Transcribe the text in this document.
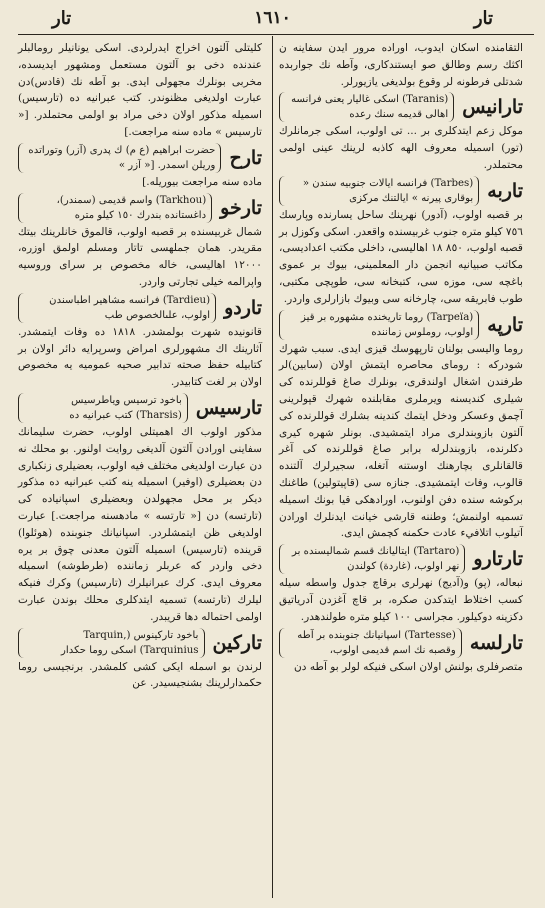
تار	١٦١٠	تار

التقامنده اسكان ايدوب، اوراده مرور ايدن سفاينه ن اكثك رسم وطالق صو ايستندكارى، وآطه نك جواربده شدتلى فرطونه لر وقوع بولديغى يازيورلر.

تارانيس
(Taranis) اسكى غاليار يعنى فرانسه اهالى قديمه سنك رعده

موكل زعم ايتدكلرى بر ... تى اولوب، اسكى جرمانلرك (تور) اسميله معروف الهه كاذبه لرينك عينى اولمى محتملدر.

تاربه
(Tarbes) فرانسه ايالات جنوبيه سندن « بوقارى پيرنه » ايالتنك مركزى

بر قصبه اولوب، (آدور) نهرينك ساحل يسارنده وپارسك ٧٥٦ كيلو متره جنوب غربيسنده واقعدر. اسكى وكوزل بر قصبه اولوب، ٨٥٠ ١٨ اهاليسى، داخلى مكتب اعداديسى، مكاتب صبيانيه انجمن دار المعلمينى، بيوك بر عموى باغچه سى، موزه سى، كتبخانه سى، طوپچى مكتبى، طوب فابريقه سى، چارخانه سى وبيوك بازارلرى واردر.

تارپه
(Tarpeïa) روما تاريخنده مشهوره بر قيز اولوب، روملوس زماننده

روما واليسى بولنان تارپهوسك قيزى ايدى. سبب شهرك شودركه : روماى محاصره ايتمش اولان (سابين)لر طرفندن اشغال اولندقرى، بونلرك صاغ قوللرنده كى شيلرى كنديسنه ويرملرى مقابلنده شهرك قپولرينى آچمق وعسكر ودخل ايتمك كندينه بشلرك قوللرنده كى آلتون بازوبندلرى مراد ايتمشيدى. بونلر شهره كيرى دكلرنده، بازوبندلرله برابر صاغ قوللرنده كى آغر قالقانلرى بچارهنك اوستنه آتغله، سجيرلرك آلتنده قالوب، وفات ايتمشيدى. جنازه سى (قاپيتولين) طاغنك بركوشه سنده دفن اولنوب، اورادهكى قيا بونك اسميله تسميه اولنمش؛ وطننه قارشى خيانت ايدنلرك اورادن آتيلوب اتلافيء عادت حكمنه كچمش ايدى.

تارتارو
(Tartaro) ايتاليانك قسم شماليسنده بر نهر اولوب، (غاردة) كولندن

نبعاله، (پو) و(آديج) نهرلرى برقاچ جدول واسطه سيله كسب اختلاط ايتدكدن صكره، بر قاچ آغزدن آدرياتيق دكزينه دوكيلور. مجراسى ١٠٠ كيلو متره طولندهدر.

تارلسه
(Tartesse) اسپانيانك جنوبنده بر آطه وقصبه نك اسم قديمى اولوب،

متصرفلرى بولنش اولان اسكى فنيكه لولر بو آطه دن

كليتلى آلتون اخراج ايدرلردى. اسكى يونانيلر رومالبلر عندنده دخى بو آلتون مستعمل ومشهور ايديسده، مخربى بونلرك مجهولى ايدى. بو آطه نك (قادس)دن عبارت اولديغى مظنوندر. كتب عبرانيه ده (تارسيس) اسميله مذكور اولان دخى مراد بو اولمى محتملدر. [« تارسيس » ماده سنه مراجعت.]

تارح
حضرت ابراهيم (ع م) ك پدرى (آزر) وتوراتده وريلن اسمدر. [« آزر »

ماده سنه مراجعت بيوريله.]

تارخو
(Tarkhou) واسم قديمى (سمندر)، داغستانده بندرك ١٥٠ كيلو متره

شمال غربيسنده بر قصبه اولوب، قالموق خانلرينك بيتك مقريدر. همان جملهسى تاتار ومسلم اولمق اوزره، ١٢٠٠٠ اهاليسى، خاله مخصوص بر سراى وروسيه واپرالمه خيلى تجارتى واردر.

تاردو
(Tardieu) فرانسه مشاهير اطباسندن اولوب، علىالخصوص طب

قانونيده شهرت بولمشدر. ١٨١٨ ده وفات ايتمشدر. آثارينك اك مشهورلرى امراض وسرپرايه دائر اولان بر كتابيله حفظ صحته تدابير صحيه عموميه يه مخصوص اولان بر لغت كتابيدر.

تارسيس
باخود ترسيس وياطرسيس (Tharsis) كتب عبرانيه ده

مذكور اولوب اك اهميتلى اولوب، حضرت سليمانك سفاينى اورادن آلتون آلديغى روايت اولنور. بو محلك نه دن عبارت اولديغى مختلف فيه اولوب، بعضيلرى زنكبارى دن بعضيلرى (اوفير) اسميله ينه كتب عبرانيه ده مذكور ديكر بر محل مجهولدن وبعضيلرى اسپانياده كى (تارتسه) دن [« تارتسه » مادهسنه مراجعت.] عبارت اولديغى ظن ايتمشلردر. اسپانيانك جنوبنده (هوئلوا) قرينده (تارسيس) اسميله آلتون معدنى چوق بر يره دخى واردر كه عربلر زماننده (طرطوشه) اسميله معروف ايدى. كرك عبرانيلرك (تارسيس) وكرك فنيكه ليلرك (تارتسه) تسميه ايتدكلرى محلك بوندن عبارت اولمى احتماله دها قريبدر.

تاركين
باخود تاركينوس (Tarquin, Tarquinius) اسكى روما حكدار

لرندن بو اسمله ايكى كشى كلمشدر. برنجيسى روما حكمدارلرينك بشنجيسيدر. عن
